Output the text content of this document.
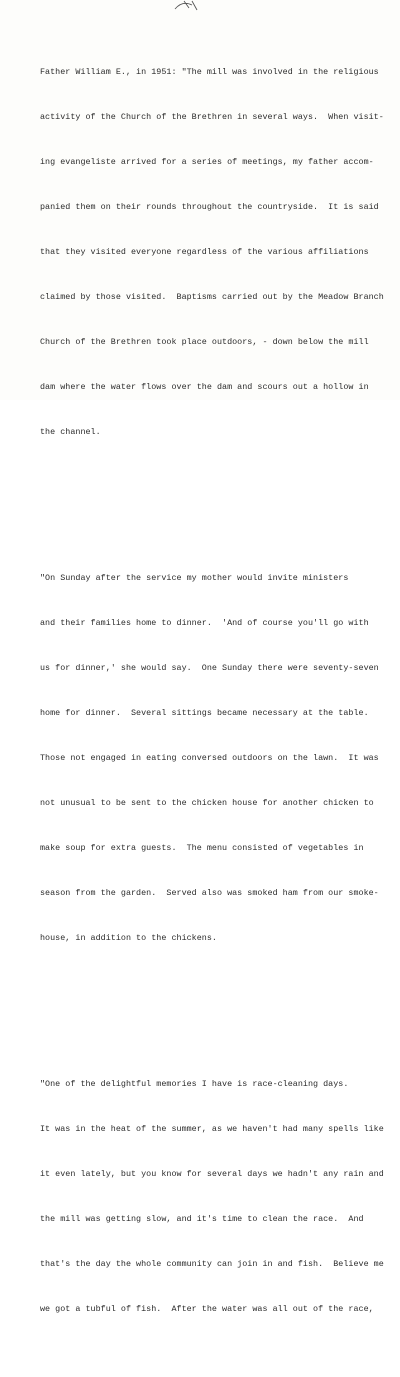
Father William E., in 1951: "The mill was involved in the religious

activity of the Church of the Brethren in several ways.  When visit-

ing evangeliste arrived for a series of meetings, my father accom-

panied them on their rounds throughout the countryside.  It is said

that they visited everyone regardless of the various affiliations

claimed by those visited.  Baptisms carried out by the Meadow Branch

Church of the Brethren took place outdoors, - down below the mill

dam where the water flows over the dam and scours out a hollow in

the channel.

"On Sunday after the service my mother would invite ministers

and their families home to dinner.  'And of course you'll go with

us for dinner,' she would say.  One Sunday there were seventy-seven

home for dinner.  Several sittings became necessary at the table.

Those not engaged in eating conversed outdoors on the lawn.  It was

not unusual to be sent to the chicken house for another chicken to

make soup for extra guests.  The menu consisted of vegetables in

season from the garden.  Served also was smoked ham from our smoke-

house, in addition to the chickens.

"One of the delightful memories I have is race-cleaning days.

It was in the heat of the summer, as we haven't had many spells like

it even lately, but you know for several days we hadn't any rain and

the mill was getting slow, and it's time to clean the race.  And

that's the day the whole community can join in and fish.  Believe me

we got a tubful of fish.  After the water was all out of the race,
